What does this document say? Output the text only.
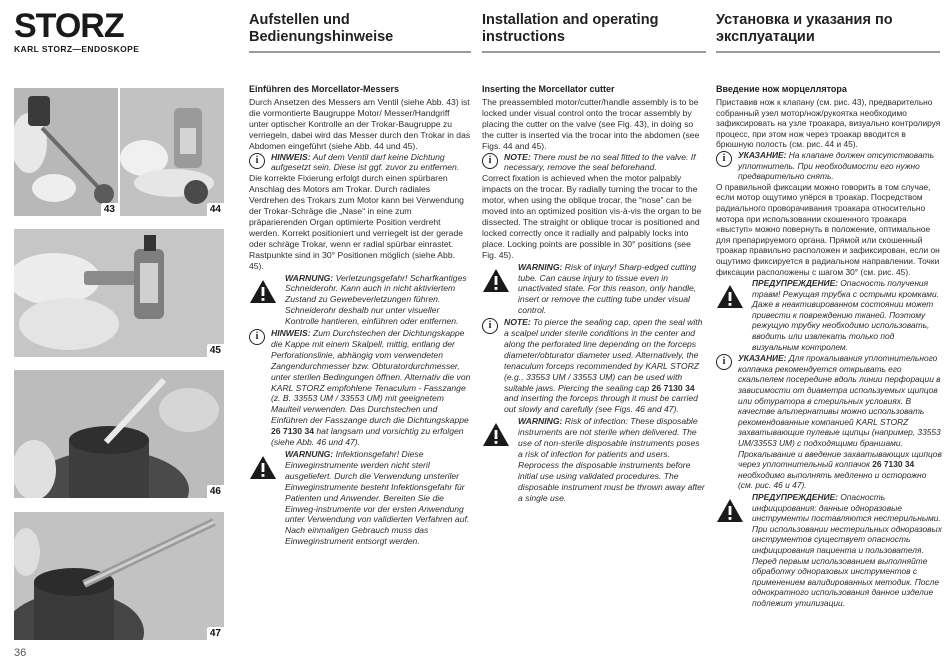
STORZ
KARL STORZ—ENDOSKOPE
Aufstellen und Bedienungshinweise
Installation and operating instructions
Установка и указания по эксплуатации
43	44
45
46
47
36
Einführen des Morcellator-Messers

Durch Ansetzen des Messers am Ventil (siehe Abb. 43) ist die vormontierte Baugruppe Motor/ Messer/Handgriff unter optischer Kontrolle an der Trokar-Baugruppe zu verriegeln, dabei wird das Messer durch den Trokar in das Abdomen eingeführt (siehe Abb. 44 und 45).

i	HINWEIS: Auf dem Ventil darf keine Dichtung aufgesetzt sein. Diese ist ggf. zuvor zu entfernen.

Die korrekte Fixierung erfolgt durch einen spürbaren Anschlag des Motors am Trokar. Durch radiales Verdrehen des Trokars zum Motor kann bei Verwendung der Trokar-Schräge die „Nase“ in eine zum präparierenden Organ optimierte Position verdreht werden. Korrekt positioniert und verriegelt ist der gerade oder schräge Trokar, wenn er radial spürbar einrastet. Rastpunkte sind in 30° Positionen möglich (siehe Abb. 45).

WARNUNG: Verletzungsgefahr! Scharfkantiges Schneiderohr. Kann auch in nicht aktiviertem Zustand zu Gewebeverletzungen führen. Schneiderohr deshalb nur unter visueller Kontrolle hantieren, einführen oder entfernen.
i	HINWEIS: Zum Durchstechen der Dichtungskappe die Kappe mit einem Skalpell, mittig, entlang der Perforationslinie, abhängig vom verwendeten Zangendurchmesser bzw. Obturatordurchmesser, unter sterilen Bedingungen öffnen. Alternativ die von KARL STORZ empfohlene Tenaculum - Fasszange (z. B. 33553 UM / 33553 UM) mit geeignetem Maulteil verwenden. Das Durchstechen und Einführen der Fasszange durch die Dichtungskappe 26 7130 34 hat langsam und vorsichtig zu erfolgen (siehe Abb. 46 und 47).
WARNUNG: Infektionsgefahr! Diese Einweginstrumente werden nicht steril ausgeliefert. Durch die Verwendung unsteriler Einweginstrumente besteht Infektionsgefahr für Patienten und Anwender. Bereiten Sie die Einweg-instrumente vor der ersten Anwendung unter Verwendung von validierten Verfahren auf. Nach einmaligen Gebrauch muss das Einweginstrument entsorgt werden.
Inserting the Morcellator cutter

The preassembled motor/cutter/handle assembly is to be locked under visual control onto the trocar assembly by placing the cutter on the valve (see Fig. 43), in doing so the cutter is inserted via the trocar into the abdomen (see Figs. 44 and 45).

i	NOTE: There must be no seal fitted to the valve. If necessary, remove the seal beforehand.

Correct fixation is achieved when the motor palpably impacts on the trocar. By radially turning the trocar to the motor, when using the oblique trocar, the “nose” can be moved into an optimized position vis-à-vis the organ to be dissected. The straight or oblique trocar is positioned and locked correctly once it radially and palpably locks into place. Locking points are possible in 30° positions (see Fig. 45).

WARNING: Risk of injury! Sharp-edged cutting tube. Can cause injury to tissue even in unactivated state. For this reason, only handle, insert or remove the cutting tube under visual control.
i	NOTE: To pierce the sealing cap, open the seal with a scalpel under sterile conditions in the center and along the perforated line depending on the forceps diameter/obturator diameter used. Alternatively, the tenaculum forceps recommended by KARL STORZ (e.g., 33553 UM / 33553 UM) can be used with suitable jaws. Piercing the sealing cap 26 7130 34 and inserting the forceps through it must be carried out slowly and carefully (see Figs. 46 and 47).
WARNING: Risk of infection: These disposable instruments are not sterile when delivered. The use of non-sterile disposable instruments poses a risk of infection for patients and users. Reprocess the disposable instruments before initial use using validated procedures. The disposable instrument must be thrown away after a single use.
Введение нож морцеллятора

Приставив нож к клапану (см. рис. 43), предварительно собранный узел мотор/нож/рукоятка необходимо зафиксировать на узле троакара, визуально контролируя процесс, при этом нож через троакар вводится в брюшную полость (см. рис. 44 и 45).

i	УКАЗАНИЕ: На клапане должен отсутствовать уплотнитель. При необходимости его нужно предварительно снять.

О правильной фиксации можно говорить в том случае, если мотор ощутимо упёрся в троакар. Посредством радиального проворачивания троакара относительно мотора при использовании скошенного троакара «выступ» можно повернуть в положение, оптимальное для препарируемого органа. Прямой или скошенный троакар правильно расположен и зафиксирован, если он ощутимо фиксируется в радиальном направлении. Точки фиксации расположены с шагом 30° (см. рис. 45).

ПРЕДУПРЕЖДЕНИЕ: Опасность получения травм! Режущая трубка с острыми кромками. Даже в неактивированном состоянии может привести к повреждению тканей. Поэтому режущую трубку необходимо использовать, вводить или извлекать только под визуальным контролем.
i	УКАЗАНИЕ: Для прокалывания уплотнительного колпачка рекомендуется открывать его скальпелем посередине вдоль линии перфорации в зависимости от диаметра используемых щипцов или обтуратора в стерильных условиях. В качестве альтернативы можно использовать рекомендованные компанией KARL STORZ захватывающие пулевые щипцы (например, 33553 UM/33553 UM) с подходящими браншами. Прокалывание и введение захватывающих щипцов через уплотнительный колпачок 26 7130 34 необходимо выполнять медленно и осторожно (см. рис. 46 и 47).
ПРЕДУПРЕЖДЕНИЕ: Опасность инфицирования: данные одноразовые инструменты поставляются нестерильными. При использовании нестерильных одноразовых инструментов существует опасность инфицирования пациента и пользователя. Перед первым использованием выполняйте обработку одноразовых инструментов с применением валидированных методик. После однократного использования данное изделие подлежит утилизации.
